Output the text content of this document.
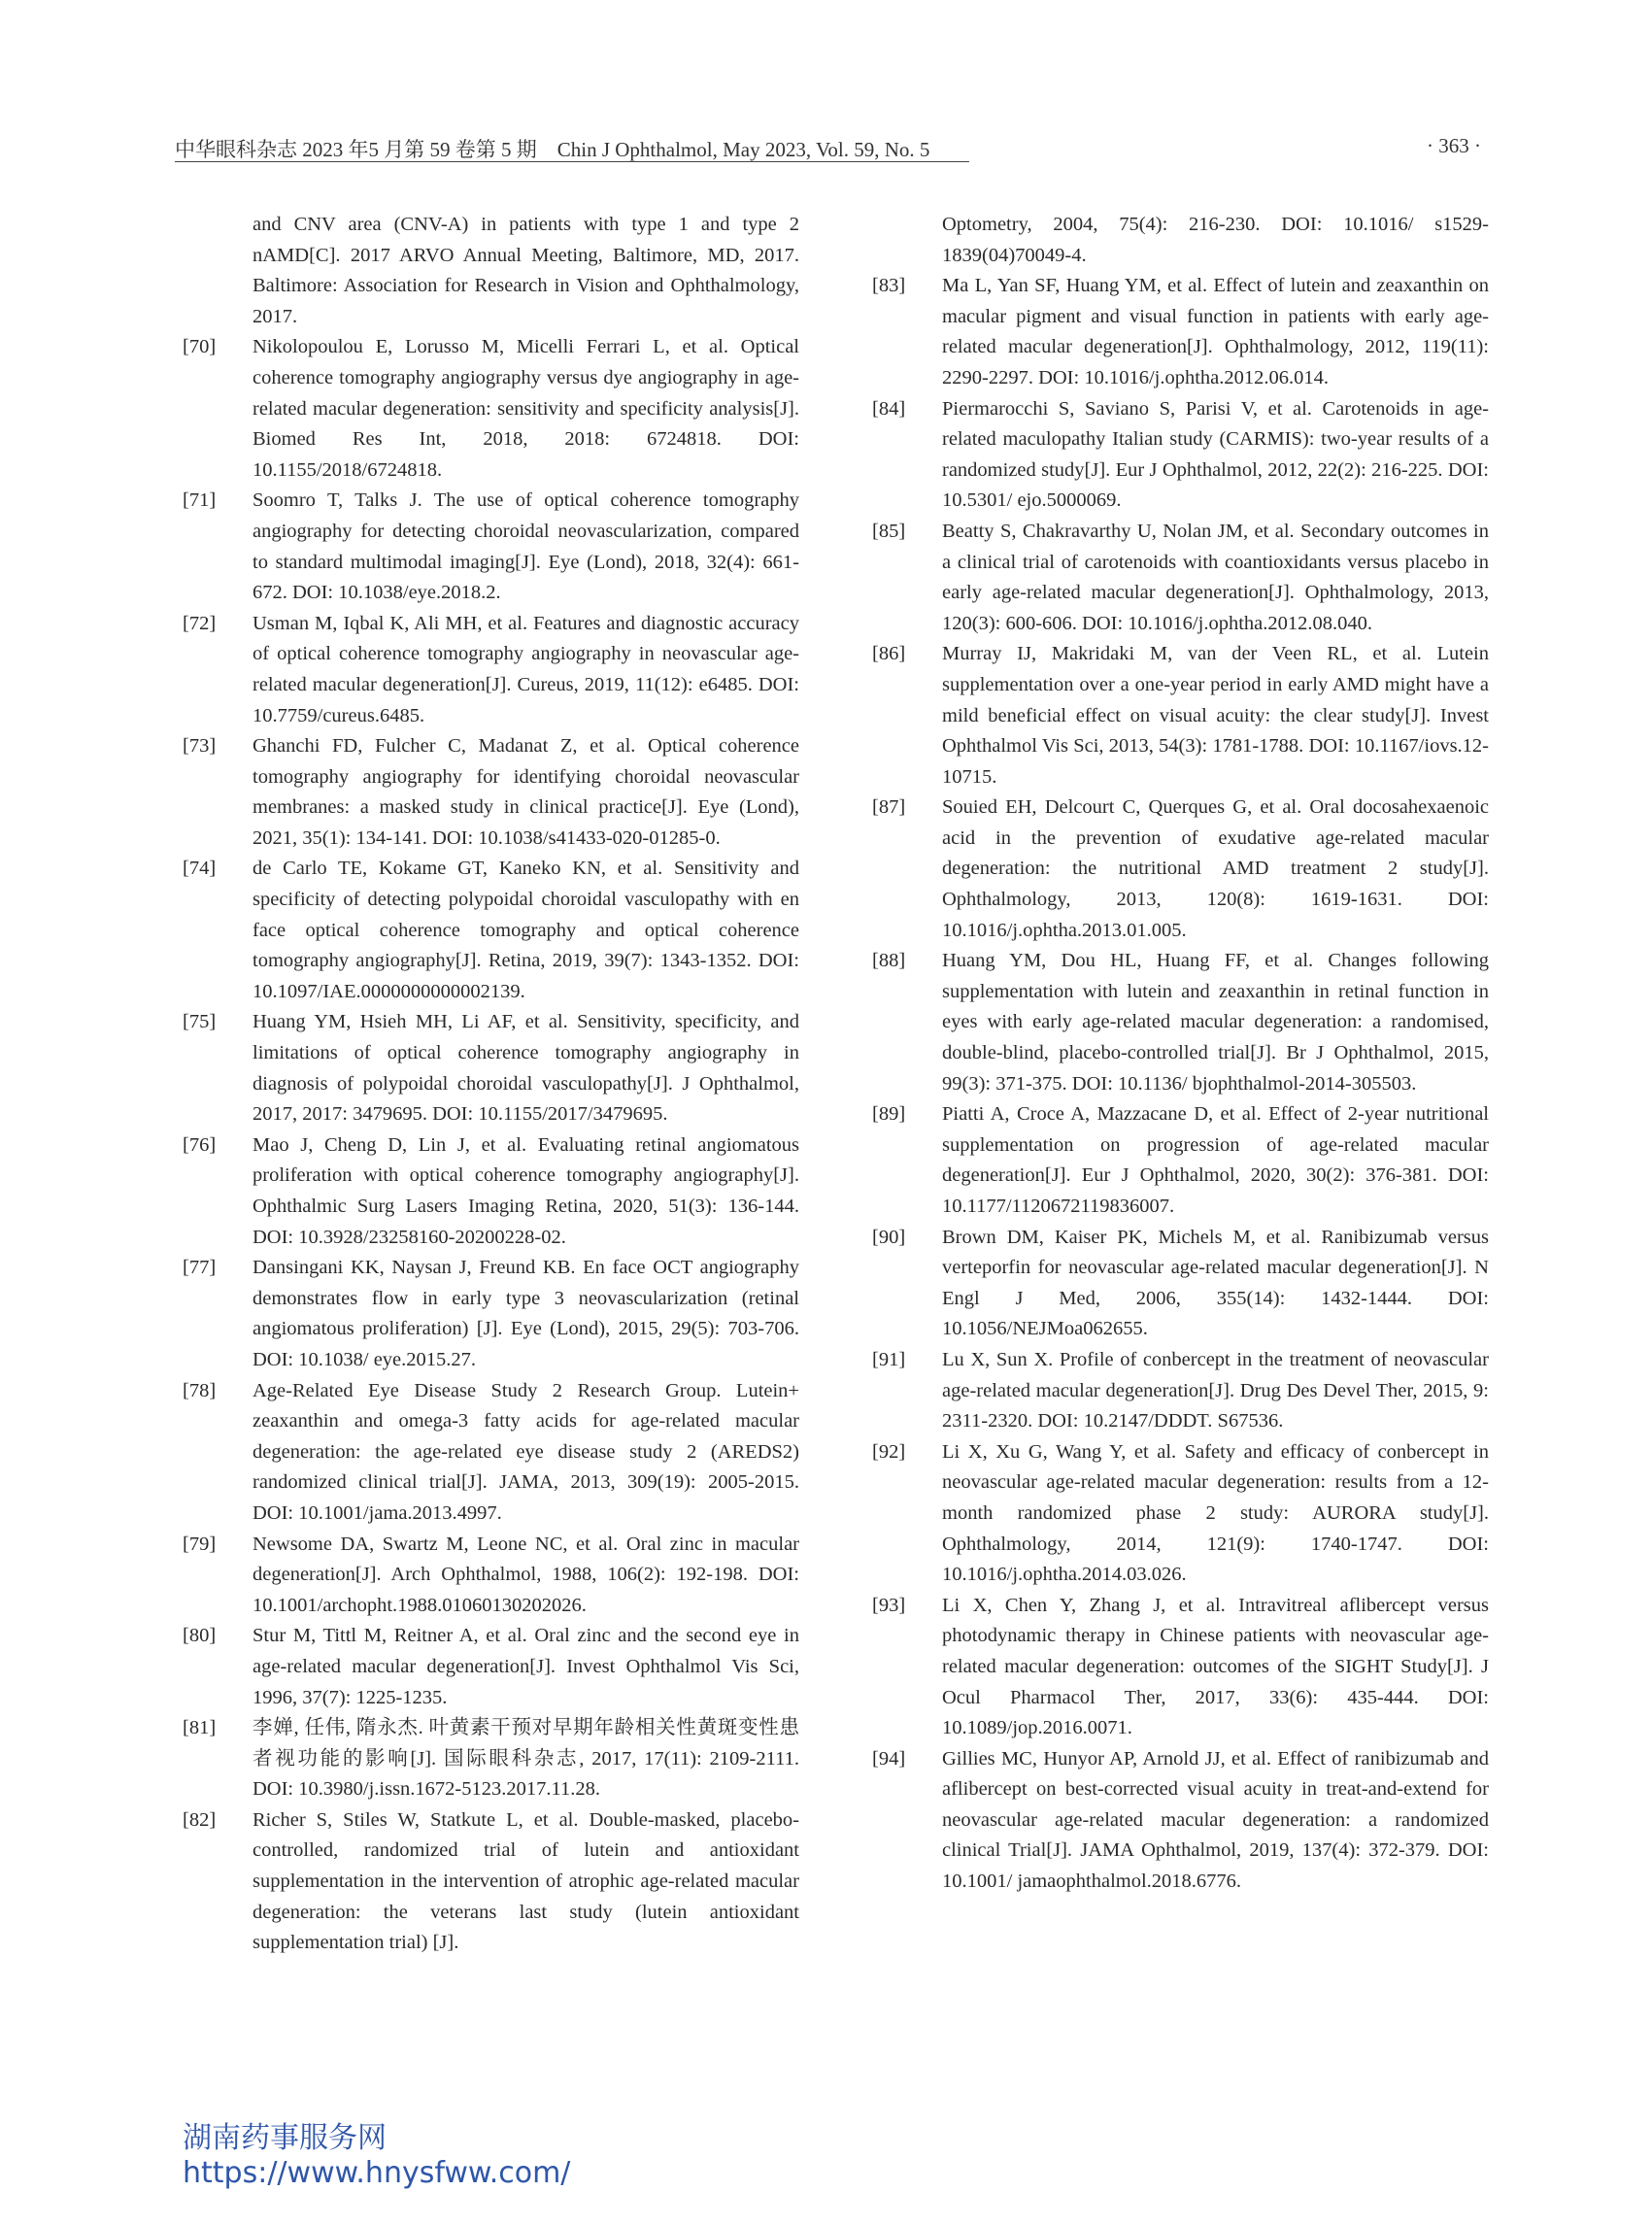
中华眼科杂志 2023 年5 月第 59 卷第 5 期　Chin J Ophthalmol, May 2023, Vol. 59, No. 5	· 363 ·
and CNV area (CNV-A) in patients with type 1 and type 2 nAMD[C]. 2017 ARVO Annual Meeting, Baltimore, MD, 2017. Baltimore: Association for Research in Vision and Ophthalmology, 2017.
[70] Nikolopoulou E, Lorusso M, Micelli Ferrari L, et al. Optical coherence tomography angiography versus dye angiography in age-related macular degeneration: sensitivity and specificity analysis[J]. Biomed Res Int, 2018, 2018: 6724818. DOI: 10.1155/2018/6724818.
[71] Soomro T, Talks J. The use of optical coherence tomography angiography for detecting choroidal neovascularization, compared to standard multimodal imaging[J]. Eye (Lond), 2018, 32(4): 661-672. DOI: 10.1038/eye.2018.2.
[72] Usman M, Iqbal K, Ali MH, et al. Features and diagnostic accuracy of optical coherence tomography angiography in neovascular age-related macular degeneration[J]. Cureus, 2019, 11(12): e6485. DOI: 10.7759/cureus.6485.
[73] Ghanchi FD, Fulcher C, Madanat Z, et al. Optical coherence tomography angiography for identifying choroidal neovascular membranes: a masked study in clinical practice[J]. Eye (Lond), 2021, 35(1): 134-141. DOI: 10.1038/s41433-020-01285-0.
[74] de Carlo TE, Kokame GT, Kaneko KN, et al. Sensitivity and specificity of detecting polypoidal choroidal vasculopathy with en face optical coherence tomography and optical coherence tomography angiography[J]. Retina, 2019, 39(7): 1343-1352. DOI: 10.1097/IAE.0000000000002139.
[75] Huang YM, Hsieh MH, Li AF, et al. Sensitivity, specificity, and limitations of optical coherence tomography angiography in diagnosis of polypoidal choroidal vasculopathy[J]. J Ophthalmol, 2017, 2017: 3479695. DOI: 10.1155/2017/3479695.
[76] Mao J, Cheng D, Lin J, et al. Evaluating retinal angiomatous proliferation with optical coherence tomography angiography[J]. Ophthalmic Surg Lasers Imaging Retina, 2020, 51(3): 136-144. DOI: 10.3928/23258160-20200228-02.
[77] Dansingani KK, Naysan J, Freund KB. En face OCT angiography demonstrates flow in early type 3 neovascularization (retinal angiomatous proliferation) [J]. Eye (Lond), 2015, 29(5): 703-706. DOI: 10.1038/ eye.2015.27.
[78] Age-Related Eye Disease Study 2 Research Group. Lutein+ zeaxanthin and omega-3 fatty acids for age-related macular degeneration: the age-related eye disease study 2 (AREDS2) randomized clinical trial[J]. JAMA, 2013, 309(19): 2005-2015. DOI: 10.1001/jama.2013.4997.
[79] Newsome DA, Swartz M, Leone NC, et al. Oral zinc in macular degeneration[J]. Arch Ophthalmol, 1988, 106(2): 192-198. DOI: 10.1001/archopht.1988.01060130202026.
[80] Stur M, Tittl M, Reitner A, et al. Oral zinc and the second eye in age-related macular degeneration[J]. Invest Ophthalmol Vis Sci, 1996, 37(7): 1225-1235.
[81] 李婵, 任伟, 隋永杰. 叶黄素干预对早期年龄相关性黄斑变性患者视功能的影响[J]. 国际眼科杂志, 2017, 17(11): 2109-2111. DOI: 10.3980/j.issn.1672-5123.2017.11.28.
[82] Richer S, Stiles W, Statkute L, et al. Double-masked, placebo-controlled, randomized trial of lutein and antioxidant supplementation in the intervention of atrophic age-related macular degeneration: the veterans last study (lutein antioxidant supplementation trial) [J].
Optometry, 2004, 75(4): 216-230. DOI: 10.1016/ s1529-1839(04)70049-4.
[83] Ma L, Yan SF, Huang YM, et al. Effect of lutein and zeaxanthin on macular pigment and visual function in patients with early age-related macular degeneration[J]. Ophthalmology, 2012, 119(11): 2290-2297. DOI: 10.1016/j.ophtha.2012.06.014.
[84] Piermarocchi S, Saviano S, Parisi V, et al. Carotenoids in age-related maculopathy Italian study (CARMIS): two-year results of a randomized study[J]. Eur J Ophthalmol, 2012, 22(2): 216-225. DOI: 10.5301/ ejo.5000069.
[85] Beatty S, Chakravarthy U, Nolan JM, et al. Secondary outcomes in a clinical trial of carotenoids with coantioxidants versus placebo in early age-related macular degeneration[J]. Ophthalmology, 2013, 120(3): 600-606. DOI: 10.1016/j.ophtha.2012.08.040.
[86] Murray IJ, Makridaki M, van der Veen RL, et al. Lutein supplementation over a one-year period in early AMD might have a mild beneficial effect on visual acuity: the clear study[J]. Invest Ophthalmol Vis Sci, 2013, 54(3): 1781-1788. DOI: 10.1167/iovs.12-10715.
[87] Souied EH, Delcourt C, Querques G, et al. Oral docosahexaenoic acid in the prevention of exudative age-related macular degeneration: the nutritional AMD treatment 2 study[J]. Ophthalmology, 2013, 120(8): 1619-1631. DOI: 10.1016/j.ophtha.2013.01.005.
[88] Huang YM, Dou HL, Huang FF, et al. Changes following supplementation with lutein and zeaxanthin in retinal function in eyes with early age-related macular degeneration: a randomised, double-blind, placebo-controlled trial[J]. Br J Ophthalmol, 2015, 99(3): 371-375. DOI: 10.1136/ bjophthalmol-2014-305503.
[89] Piatti A, Croce A, Mazzacane D, et al. Effect of 2-year nutritional supplementation on progression of age-related macular degeneration[J]. Eur J Ophthalmol, 2020, 30(2): 376-381. DOI: 10.1177/1120672119836007.
[90] Brown DM, Kaiser PK, Michels M, et al. Ranibizumab versus verteporfin for neovascular age-related macular degeneration[J]. N Engl J Med, 2006, 355(14): 1432-1444. DOI: 10.1056/NEJMoa062655.
[91] Lu X, Sun X. Profile of conbercept in the treatment of neovascular age-related macular degeneration[J]. Drug Des Devel Ther, 2015, 9: 2311-2320. DOI: 10.2147/DDDT. S67536.
[92] Li X, Xu G, Wang Y, et al. Safety and efficacy of conbercept in neovascular age-related macular degeneration: results from a 12-month randomized phase 2 study: AURORA study[J]. Ophthalmology, 2014, 121(9): 1740-1747. DOI: 10.1016/j.ophtha.2014.03.026.
[93] Li X, Chen Y, Zhang J, et al. Intravitreal aflibercept versus photodynamic therapy in Chinese patients with neovascular age-related macular degeneration: outcomes of the SIGHT Study[J]. J Ocul Pharmacol Ther, 2017, 33(6): 435-444. DOI: 10.1089/jop.2016.0071.
[94] Gillies MC, Hunyor AP, Arnold JJ, et al. Effect of ranibizumab and aflibercept on best-corrected visual acuity in treat-and-extend for neovascular age-related macular degeneration: a randomized clinical Trial[J]. JAMA Ophthalmol, 2019, 137(4): 372-379. DOI: 10.1001/ jamaophthalmol.2018.6776.
湖南药事服务网
https://www.hnysfww.com/
